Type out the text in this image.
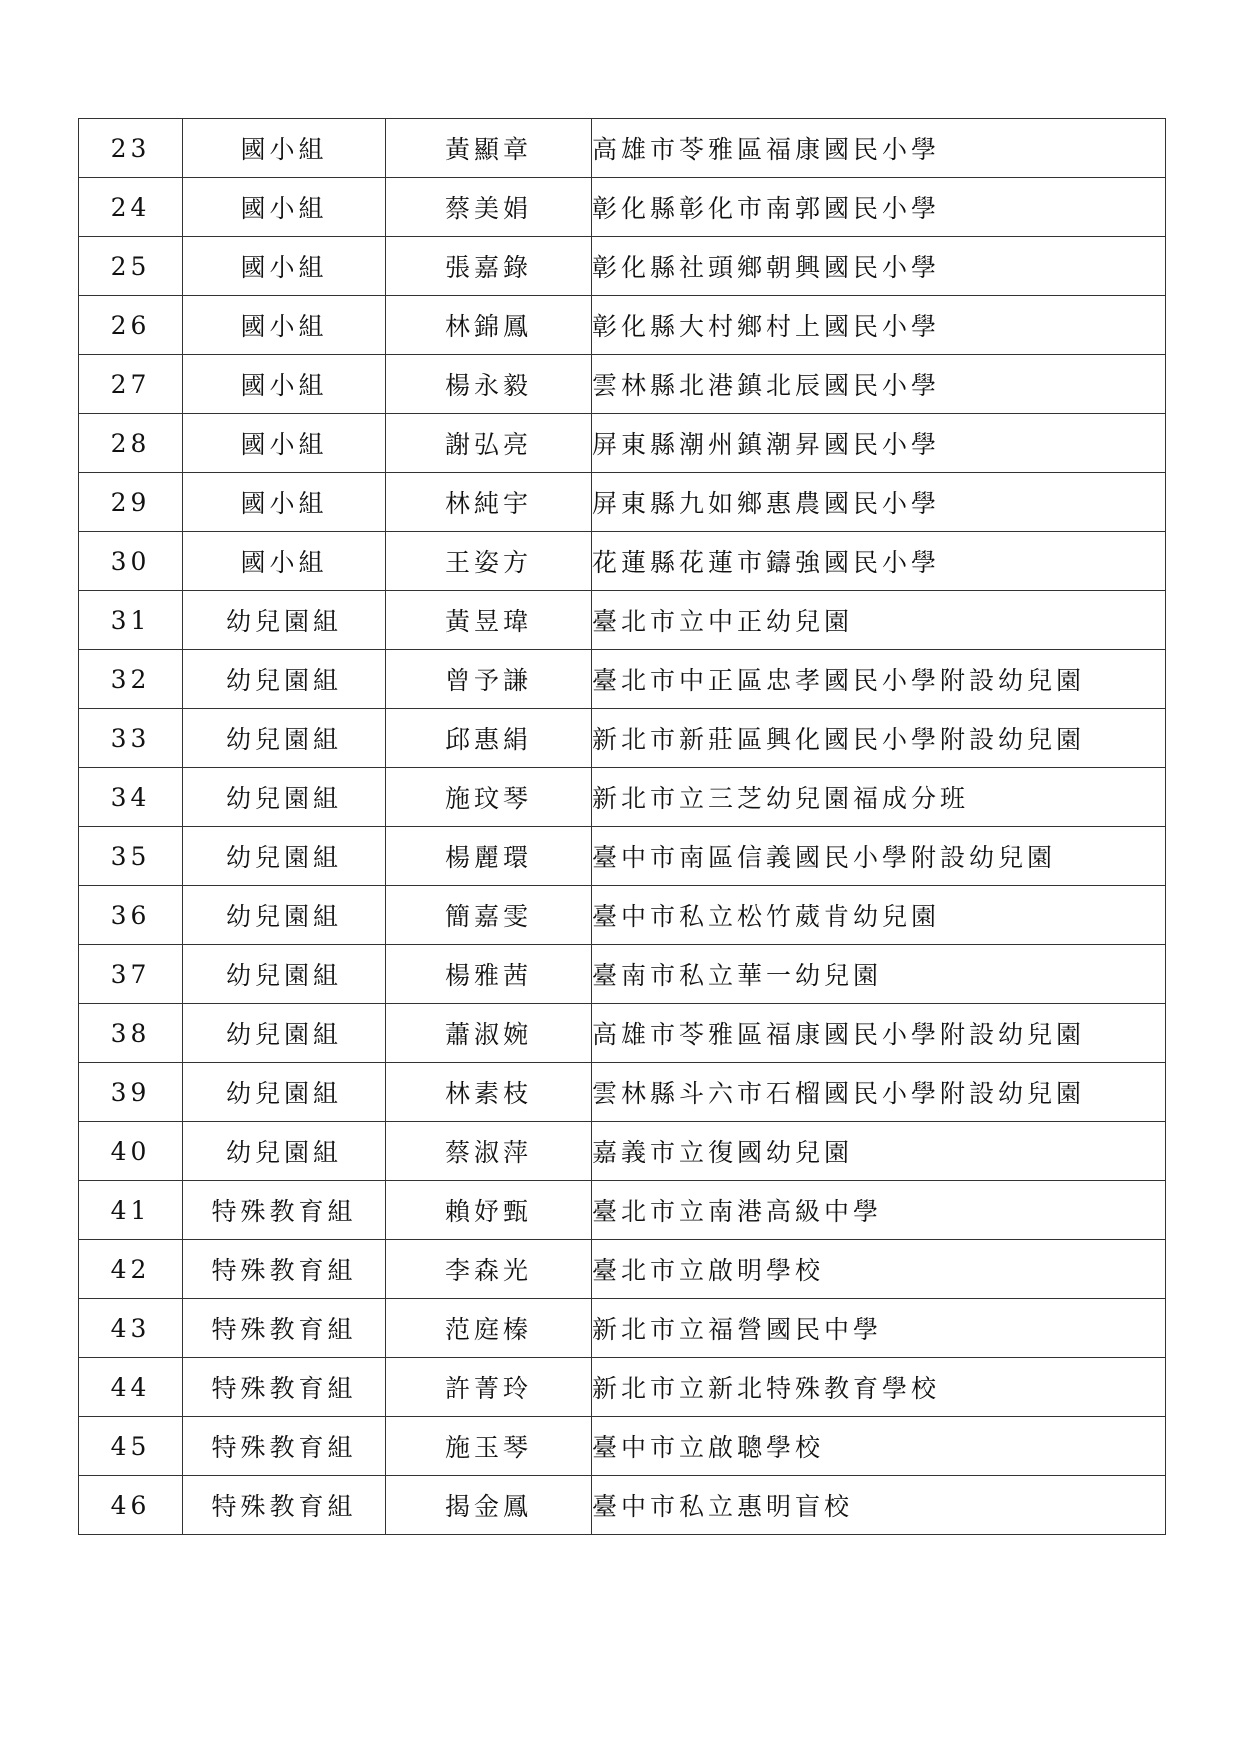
23	國小組	黃顯章	高雄市苓雅區福康國民小學
24	國小組	蔡美娟	彰化縣彰化市南郭國民小學
25	國小組	張嘉錄	彰化縣社頭鄉朝興國民小學
26	國小組	林錦鳳	彰化縣大村鄉村上國民小學
27	國小組	楊永毅	雲林縣北港鎮北辰國民小學
28	國小組	謝弘亮	屏東縣潮州鎮潮昇國民小學
29	國小組	林純宇	屏東縣九如鄉惠農國民小學
30	國小組	王姿方	花蓮縣花蓮市鑄強國民小學
31	幼兒園組	黃昱瑋	臺北市立中正幼兒園
32	幼兒園組	曾予謙	臺北市中正區忠孝國民小學附設幼兒園
33	幼兒園組	邱惠絹	新北市新莊區興化國民小學附設幼兒園
34	幼兒園組	施玟琴	新北市立三芝幼兒園福成分班
35	幼兒園組	楊麗環	臺中市南區信義國民小學附設幼兒園
36	幼兒園組	簡嘉雯	臺中市私立松竹葳肯幼兒園
37	幼兒園組	楊雅茜	臺南市私立華一幼兒園
38	幼兒園組	蕭淑婉	高雄市苓雅區福康國民小學附設幼兒園
39	幼兒園組	林素枝	雲林縣斗六市石榴國民小學附設幼兒園
40	幼兒園組	蔡淑萍	嘉義市立復國幼兒園
41	特殊教育組	賴妤甄	臺北市立南港高級中學
42	特殊教育組	李森光	臺北市立啟明學校
43	特殊教育組	范庭榛	新北市立福營國民中學
44	特殊教育組	許菁玲	新北市立新北特殊教育學校
45	特殊教育組	施玉琴	臺中市立啟聰學校
46	特殊教育組	揭金鳳	臺中市私立惠明盲校
